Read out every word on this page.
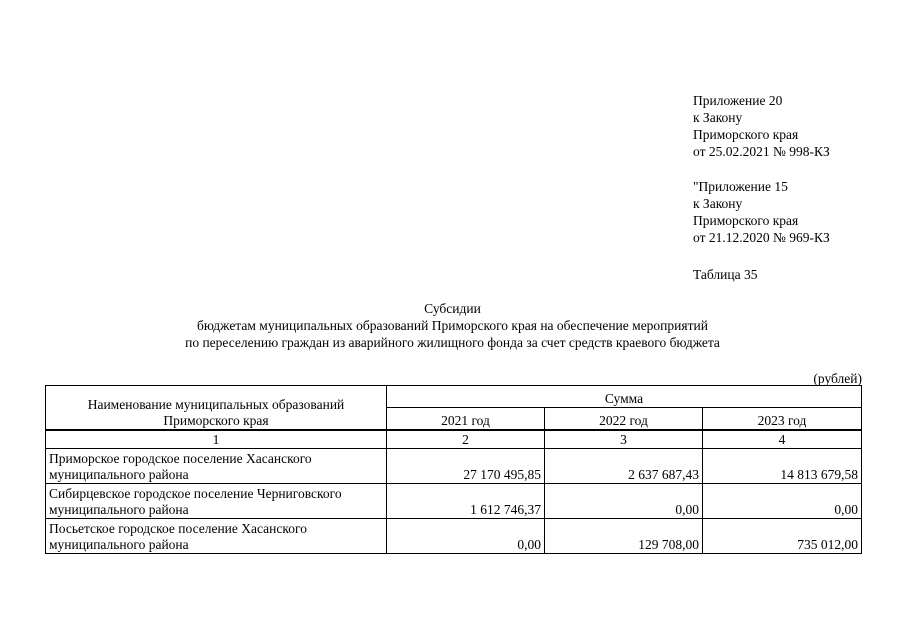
Приложение 20
к Закону
Приморского края
от 25.02.2021 № 998-КЗ
"Приложение 15
к Закону
Приморского края
от 21.12.2020 № 969-КЗ
Таблица 35
Субсидии
бюджетам муниципальных образований Приморского края на обеспечение мероприятий
по переселению граждан из аварийного жилищного фонда за счет средств краевого бюджета
(рублей)
Наименование муниципальных образований Приморского края	Сумма		
	2021 год	2022 год	2023 год
1	2	3	4
Приморское городское поселение Хасанского муниципального района	27 170 495,85	2 637 687,43	14 813 679,58
Сибирцевское городское поселение Черниговского муниципального района	1 612 746,37	0,00	0,00
Посьетское городское поселение Хасанского муниципального района	0,00	129 708,00	735 012,00
